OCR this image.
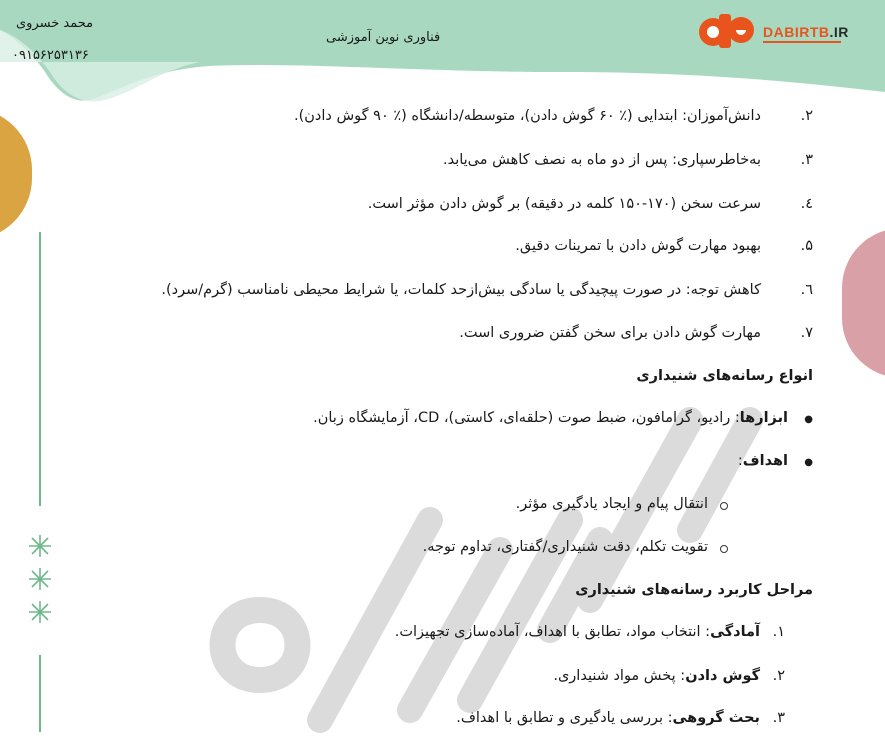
محمد خسروی
۰۹۱۵۶۲۵۳۱۳۶
فناوری نوین آموزشی	DABIRTB.IR
۲.
دانش‌آموزان: ابتدایی (٪ ۶۰ گوش دادن)، متوسطه/دانشگاه (٪ ۹۰ گوش دادن).
۳.
به‌خاطرسپاری: پس از دو ماه به نصف کاهش می‌یابد.
٤.
سرعت سخن (۱۷۰-۱۵۰ کلمه در دقیقه) بر گوش دادن مؤثر است.
۵.
بهبود مهارت گوش دادن با تمرینات دقیق.
٦.
کاهش توجه: در صورت پیچیدگی یا سادگی بیش‌ازحد کلمات، یا شرایط محیطی نامناسب (گرم/سرد).
۷.
مهارت گوش دادن برای سخن گفتن ضروری است.
انواع رسانه‌های شنیداری
●
ابزارها: رادیو، گرامافون، ضبط صوت (حلقه‌ای، کاستی)، CD، آزمایشگاه زبان.
●
اهداف:
انتقال پیام و ایجاد یادگیری مؤثر.
تقویت تکلم، دقت شنیداری/گفتاری، تداوم توجه.
مراحل کاربرد رسانه‌های شنیداری
۱.
آمادگی: انتخاب مواد، تطابق با اهداف، آماده‌سازی تجهیزات.
۲.
گوش دادن: پخش مواد شنیداری.
۳.
بحث گروهی: بررسی یادگیری و تطابق با اهداف.
